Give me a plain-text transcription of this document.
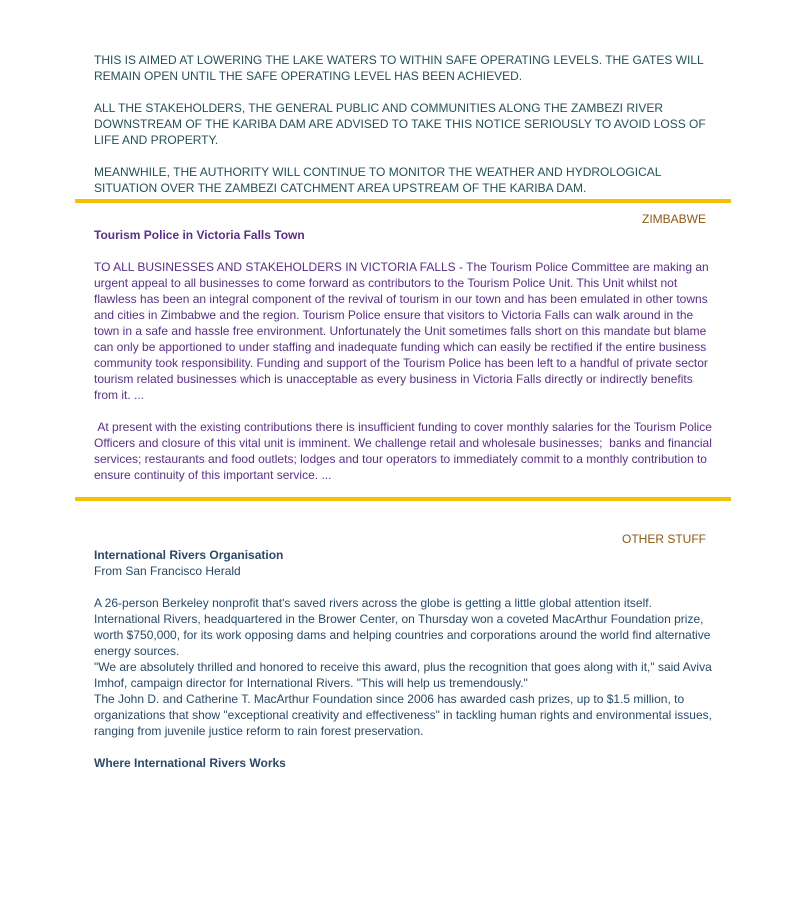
THIS IS AIMED AT LOWERING THE LAKE WATERS TO WITHIN SAFE OPERATING LEVELS. THE GATES WILL REMAIN OPEN UNTIL THE SAFE OPERATING LEVEL HAS BEEN ACHIEVED.

ALL THE STAKEHOLDERS, THE GENERAL PUBLIC AND COMMUNITIES ALONG THE ZAMBEZI RIVER DOWNSTREAM OF THE KARIBA DAM ARE ADVISED TO TAKE THIS NOTICE SERIOUSLY TO AVOID LOSS OF LIFE AND PROPERTY.

MEANWHILE, THE AUTHORITY WILL CONTINUE TO MONITOR THE WEATHER AND HYDROLOGICAL SITUATION OVER THE ZAMBEZI CATCHMENT AREA UPSTREAM OF THE KARIBA DAM.

ZIMBABWE

Tourism Police in Victoria Falls Town

TO ALL BUSINESSES AND STAKEHOLDERS IN VICTORIA FALLS - The Tourism Police Committee are making an urgent appeal to all businesses to come forward as contributors to the Tourism Police Unit. This Unit whilst not flawless has been an integral component of the revival of tourism in our town and has been emulated in other towns and cities in Zimbabwe and the region. Tourism Police ensure that visitors to Victoria Falls can walk around in the town in a safe and hassle free environment. Unfortunately the Unit sometimes falls short on this mandate but blame can only be apportioned to under staffing and inadequate funding which can easily be rectified if the entire business community took responsibility. Funding and support of the Tourism Police has been left to a handful of private sector tourism related businesses which is unacceptable as every business in Victoria Falls directly or indirectly benefits from it. ...

At present with the existing contributions there is insufficient funding to cover monthly salaries for the Tourism Police Officers and closure of this vital unit is imminent. We challenge retail and wholesale businesses;  banks and financial services; restaurants and food outlets; lodges and tour operators to immediately commit to a monthly contribution to ensure continuity of this important service. ...

OTHER STUFF

International Rivers Organisation

From San Francisco Herald

A 26-person Berkeley nonprofit that's saved rivers across the globe is getting a little global attention itself. International Rivers, headquartered in the Brower Center, on Thursday won a coveted MacArthur Foundation prize, worth $750,000, for its work opposing dams and helping countries and corporations around the world find alternative energy sources.

"We are absolutely thrilled and honored to receive this award, plus the recognition that goes along with it," said Aviva Imhof, campaign director for International Rivers. "This will help us tremendously."

The John D. and Catherine T. MacArthur Foundation since 2006 has awarded cash prizes, up to $1.5 million, to organizations that show "exceptional creativity and effectiveness" in tackling human rights and environmental issues, ranging from juvenile justice reform to rain forest preservation.

Where International Rivers Works
